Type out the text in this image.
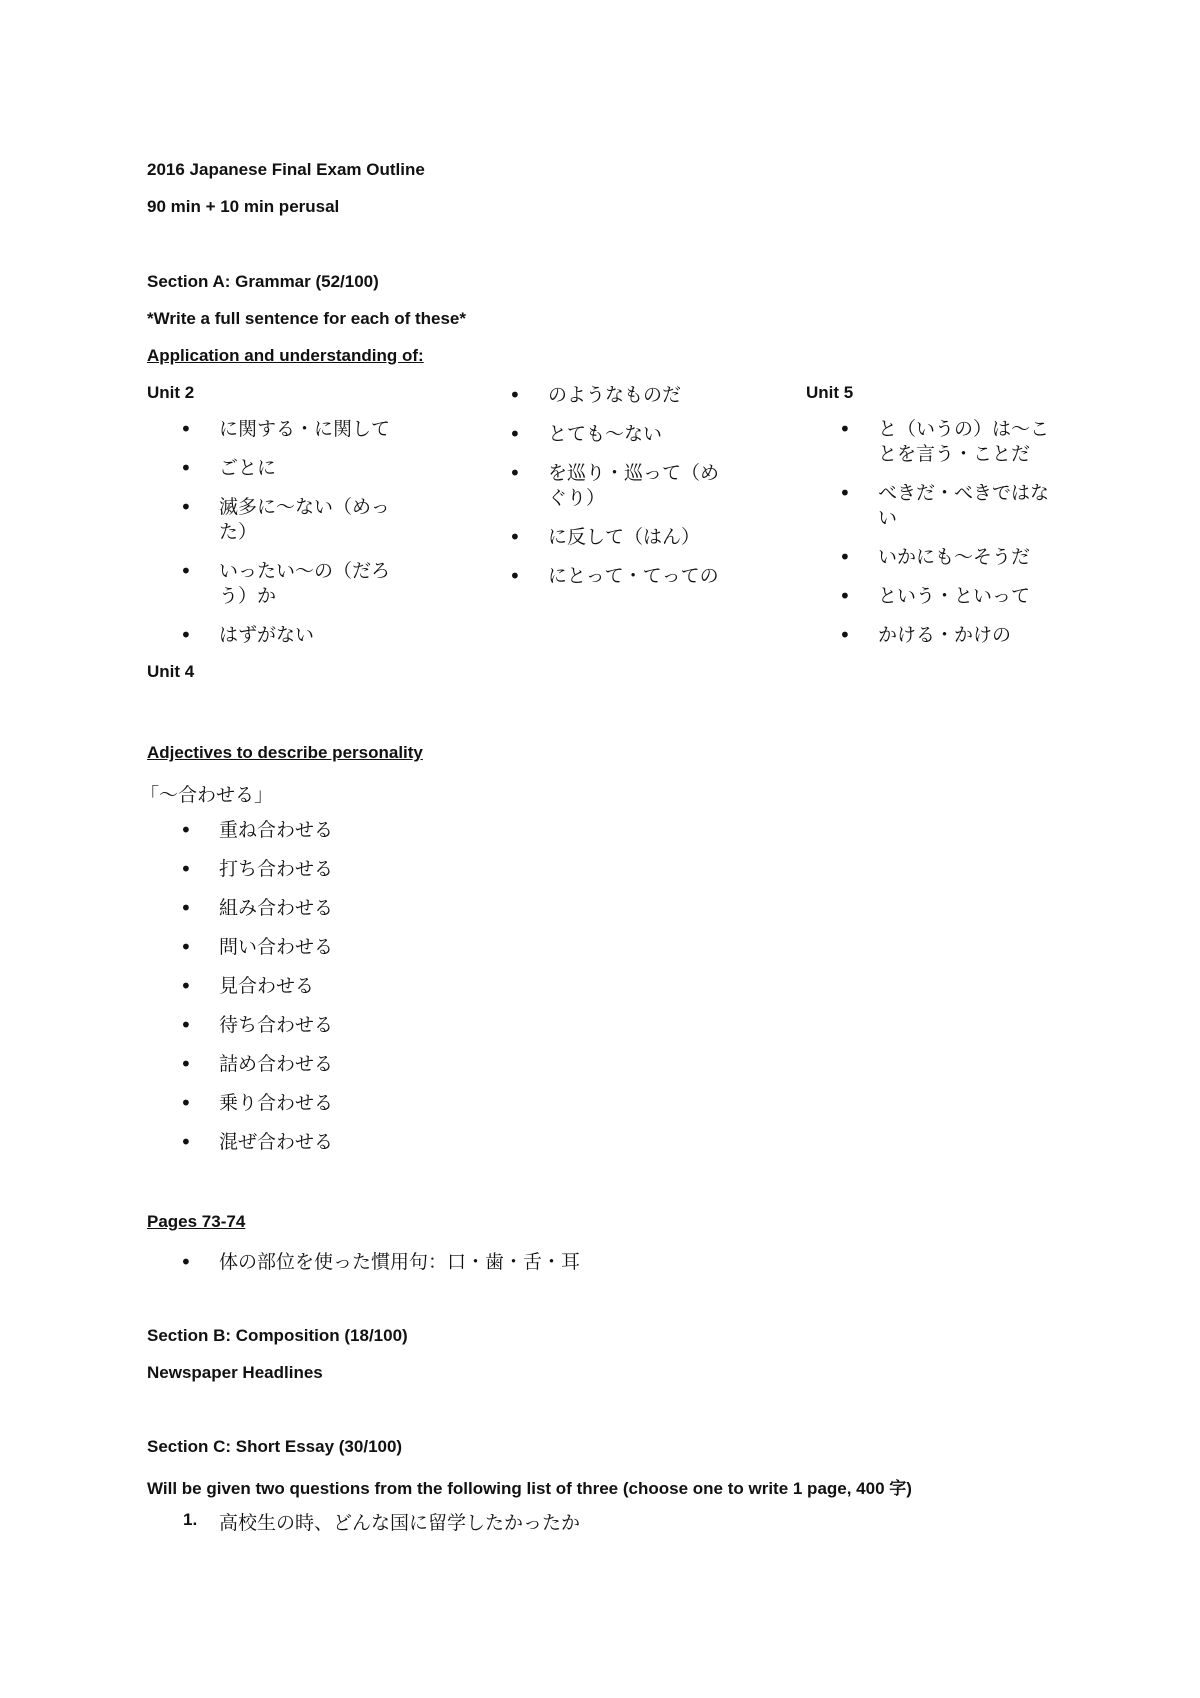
2016 Japanese Final Exam Outline
90 min + 10 min perusal
Section A: Grammar (52/100)
*Write a full sentence for each of these*
Application and understanding of:
Unit 2
• に関する・に関して
• ごとに
• 滅多に〜ない（めった）
• いったい〜の（だろう）か
• はずがない
Unit 4
• のようなものだ
• とても〜ない
• を巡り・巡って（めぐり）
• に反して（はん）
• にとって・てっての
Unit 5
• と（いうの）は〜ことを言う・ことだ
• べきだ・べきではない
• いかにも〜そうだ
• という・といって
• かける・かけの
Adjectives to describe personality
「〜合わせる」
• 重ね合わせる
• 打ち合わせる
• 組み合わせる
• 問い合わせる
• 見合わせる
• 待ち合わせる
• 詰め合わせる
• 乗り合わせる
• 混ぜ合わせる
Pages 73-74
• 体の部位を使った慣用句：口・歯・舌・耳
Section B: Composition (18/100)
Newspaper Headlines
Section C: Short Essay (30/100)
Will be given two questions from the following list of three (choose one to write 1 page, 400 字)
1. 高校生の時、どんな国に留学したかったか
